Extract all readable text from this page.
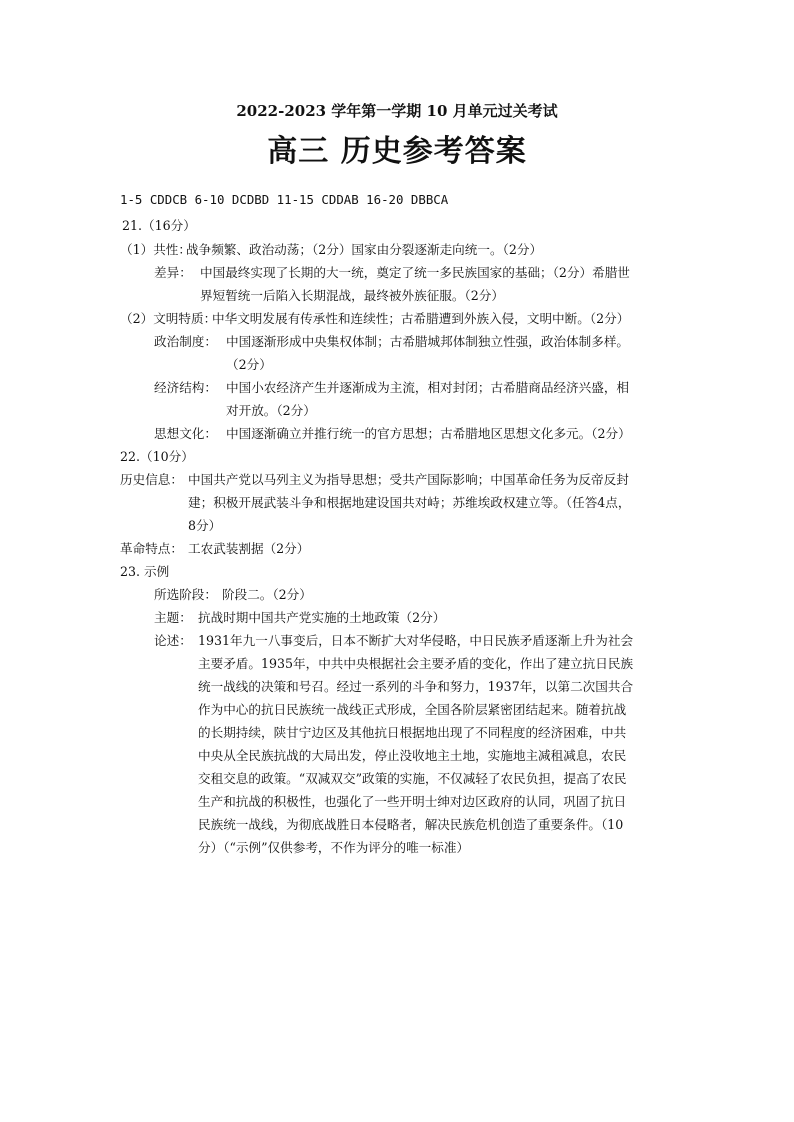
2022-2023 学年第一学期 10 月单元过关考试
高三 历史参考答案
1-5 CDDCB 6-10 DCDBD 11-15 CDDAB 16-20 DBBCA
21.（16分）
（1）共性：
战争频繁、政治动荡；（2分）国家由分裂逐渐走向统一。（2分）
差异： 中国最终实现了长期的大一统，奠定了统一多民族国家的基础；（2分）希腊世
界短暂统一后陷入长期混战，最终被外族征服。（2分）
（2）文明特质：
中华文明发展有传承性和连续性；古希腊遭到外族入侵，文明中断。（2分）
政治制度： 中国逐渐形成中央集权体制；古希腊城邦体制独立性强，政治体制多样。
（2分）
经济结构： 中国小农经济产生并逐渐成为主流，相对封闭；古希腊商品经济兴盛，相
对开放。（2分）
思想文化： 中国逐渐确立并推行统一的官方思想；古希腊地区思想文化多元。（2分）
22.（10分）
历史信息： 中国共产党以马列主义为指导思想；受共产国际影响；中国革命任务为反帝反封
建；积极开展武装斗争和根据地建设国共对峙；苏维埃政权建立等。（任答4点，
8分）
革命特点： 工农武装割据（2分）
23. 示例
所选阶段： 阶段二。（2分）
主题： 抗战时期中国共产党实施的土地政策（2分）
论述： 1931年九一八事变后，日本不断扩大对华侵略，中日民族矛盾逐渐上升为社会
主要矛盾。1935年，中共中央根据社会主要矛盾的变化，作出了建立抗日民族
统一战线的决策和号召。经过一系列的斗争和努力，1937年，以第二次国共合
作为中心的抗日民族统一战线正式形成，全国各阶层紧密团结起来。随着抗战
的长期持续，陕甘宁边区及其他抗日根据地出现了不同程度的经济困难，中共
中央从全民族抗战的大局出发，停止没收地主土地，实施地主减租减息，农民
交租交息的政策。“双减双交”政策的实施，不仅减轻了农民负担，提高了农民
生产和抗战的积极性，也强化了一些开明士绅对边区政府的认同，巩固了抗日
民族统一战线，为彻底战胜日本侵略者，解决民族危机创造了重要条件。（10
分）（“示例”仅供参考，不作为评分的唯一标准）
